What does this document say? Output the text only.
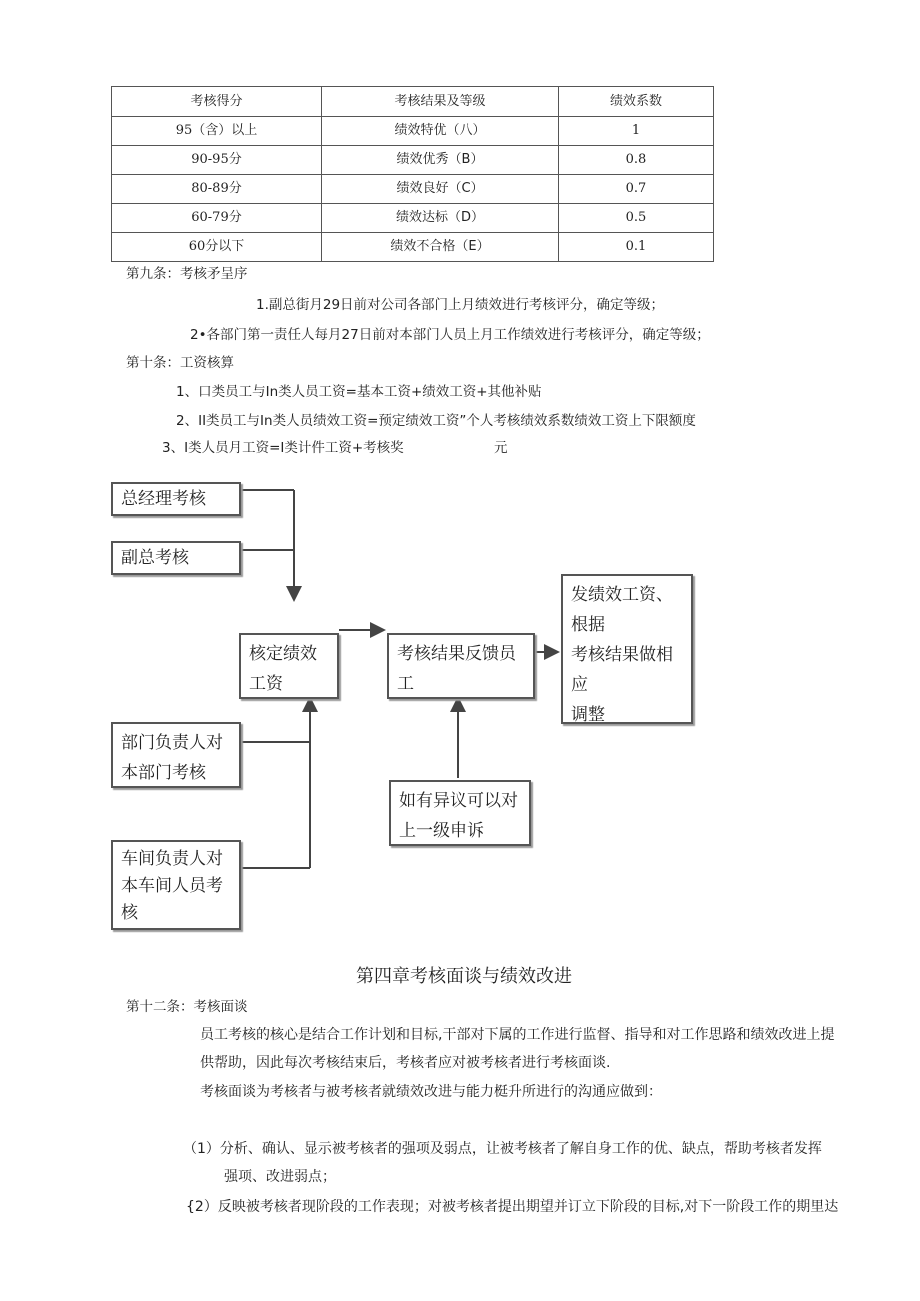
考核得分	考核结果及等级	绩效系数
95（含）以上	绩效特优（八）	1
90-95分	绩效优秀（B）	0.8
80-89分	绩效良好（C）	0.7
60-79分	绩效达标（D）	0.5
60分以下	绩效不合格（E）	0.1
第九条：考核矛呈序
1.副总街月29日前对公司各部门上月绩效进行考核评分，确定等级；
2•各部门第一责任人每月27日前对本部门人员上月工作绩效进行考核评分，确定等级；
第十条：工资核算
1、口类员工与In类人员工资=基本工资+绩效工资+其他补贴
2、II类员工与In类人员绩效工资=预定绩效工资”个人考核绩效系数绩效工资上下限额度
3、I类人员月工资=I类计件工资+考核奖	元
总经理考核
副总考核
核定绩效工资
考核结果反馈员工
发绩效工资、根据
考核结果做相应
调整
部门负责人对本部门考核
如有异议可以对上一级申诉
车间负责人对本车间人员考核
第四章考核面谈与绩效改进
第十二条：考核面谈
员工考核的核心是结合工作计划和目标,干部对下属的工作进行监督、指导和对工作思路和绩效改进上提
供帮助，因此每次考核结束后，考核者应对被考核者进行考核面谈.
考核面谈为考核者与被考核者就绩效改进与能力梃升所进行的沟通应做到：
（1）分析、确认、显示被考核者的强项及弱点，让被考核者了解自身工作的优、缺点，帮助考核者发挥
强项、改进弱点；
{2）反映被考核者现阶段的工作表现；对被考核者提出期望并订立下阶段的目标,对下一阶段工作的期里达
